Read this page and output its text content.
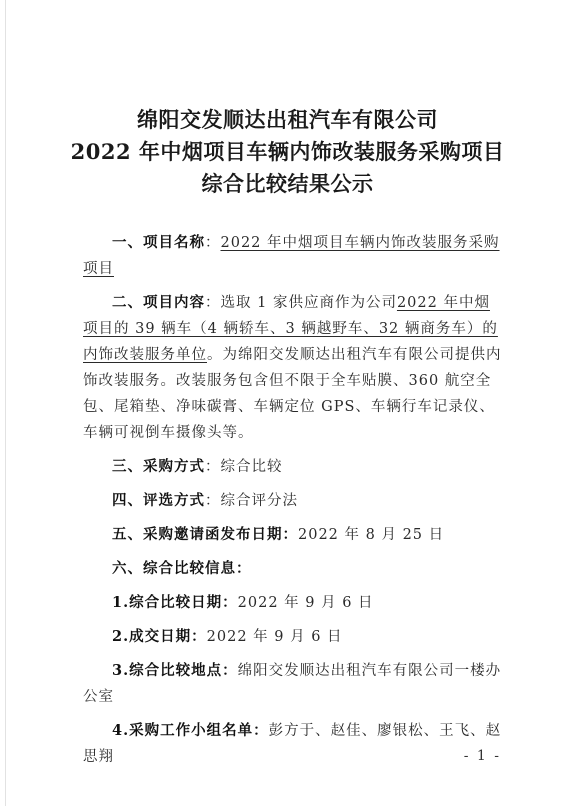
绵阳交发顺达出租汽车有限公司
2022 年中烟项目车辆内饰改装服务采购项目
综合比较结果公示

一、项目名称：2022 年中烟项目车辆内饰改装服务采购项目

二、项目内容：选取 1 家供应商作为公司2022 年中烟项目的 39 辆车（4 辆轿车、3 辆越野车、32 辆商务车）的内饰改装服务单位。为绵阳交发顺达出租汽车有限公司提供内饰改装服务。改装服务包含但不限于全车贴膜、360 航空全包、尾箱垫、净味碳膏、车辆定位 GPS、车辆行车记录仪、车辆可视倒车摄像头等。

三、采购方式：综合比较

四、评选方式：综合评分法

五、采购邀请函发布日期：2022 年 8 月 25 日

六、综合比较信息：

1.综合比较日期：2022 年 9 月 6 日

2.成交日期：2022 年 9 月 6 日

3.综合比较地点：绵阳交发顺达出租汽车有限公司一楼办公室

4.采购工作小组名单：彭方于、赵佳、廖银松、王飞、赵思翔	- 1 -
